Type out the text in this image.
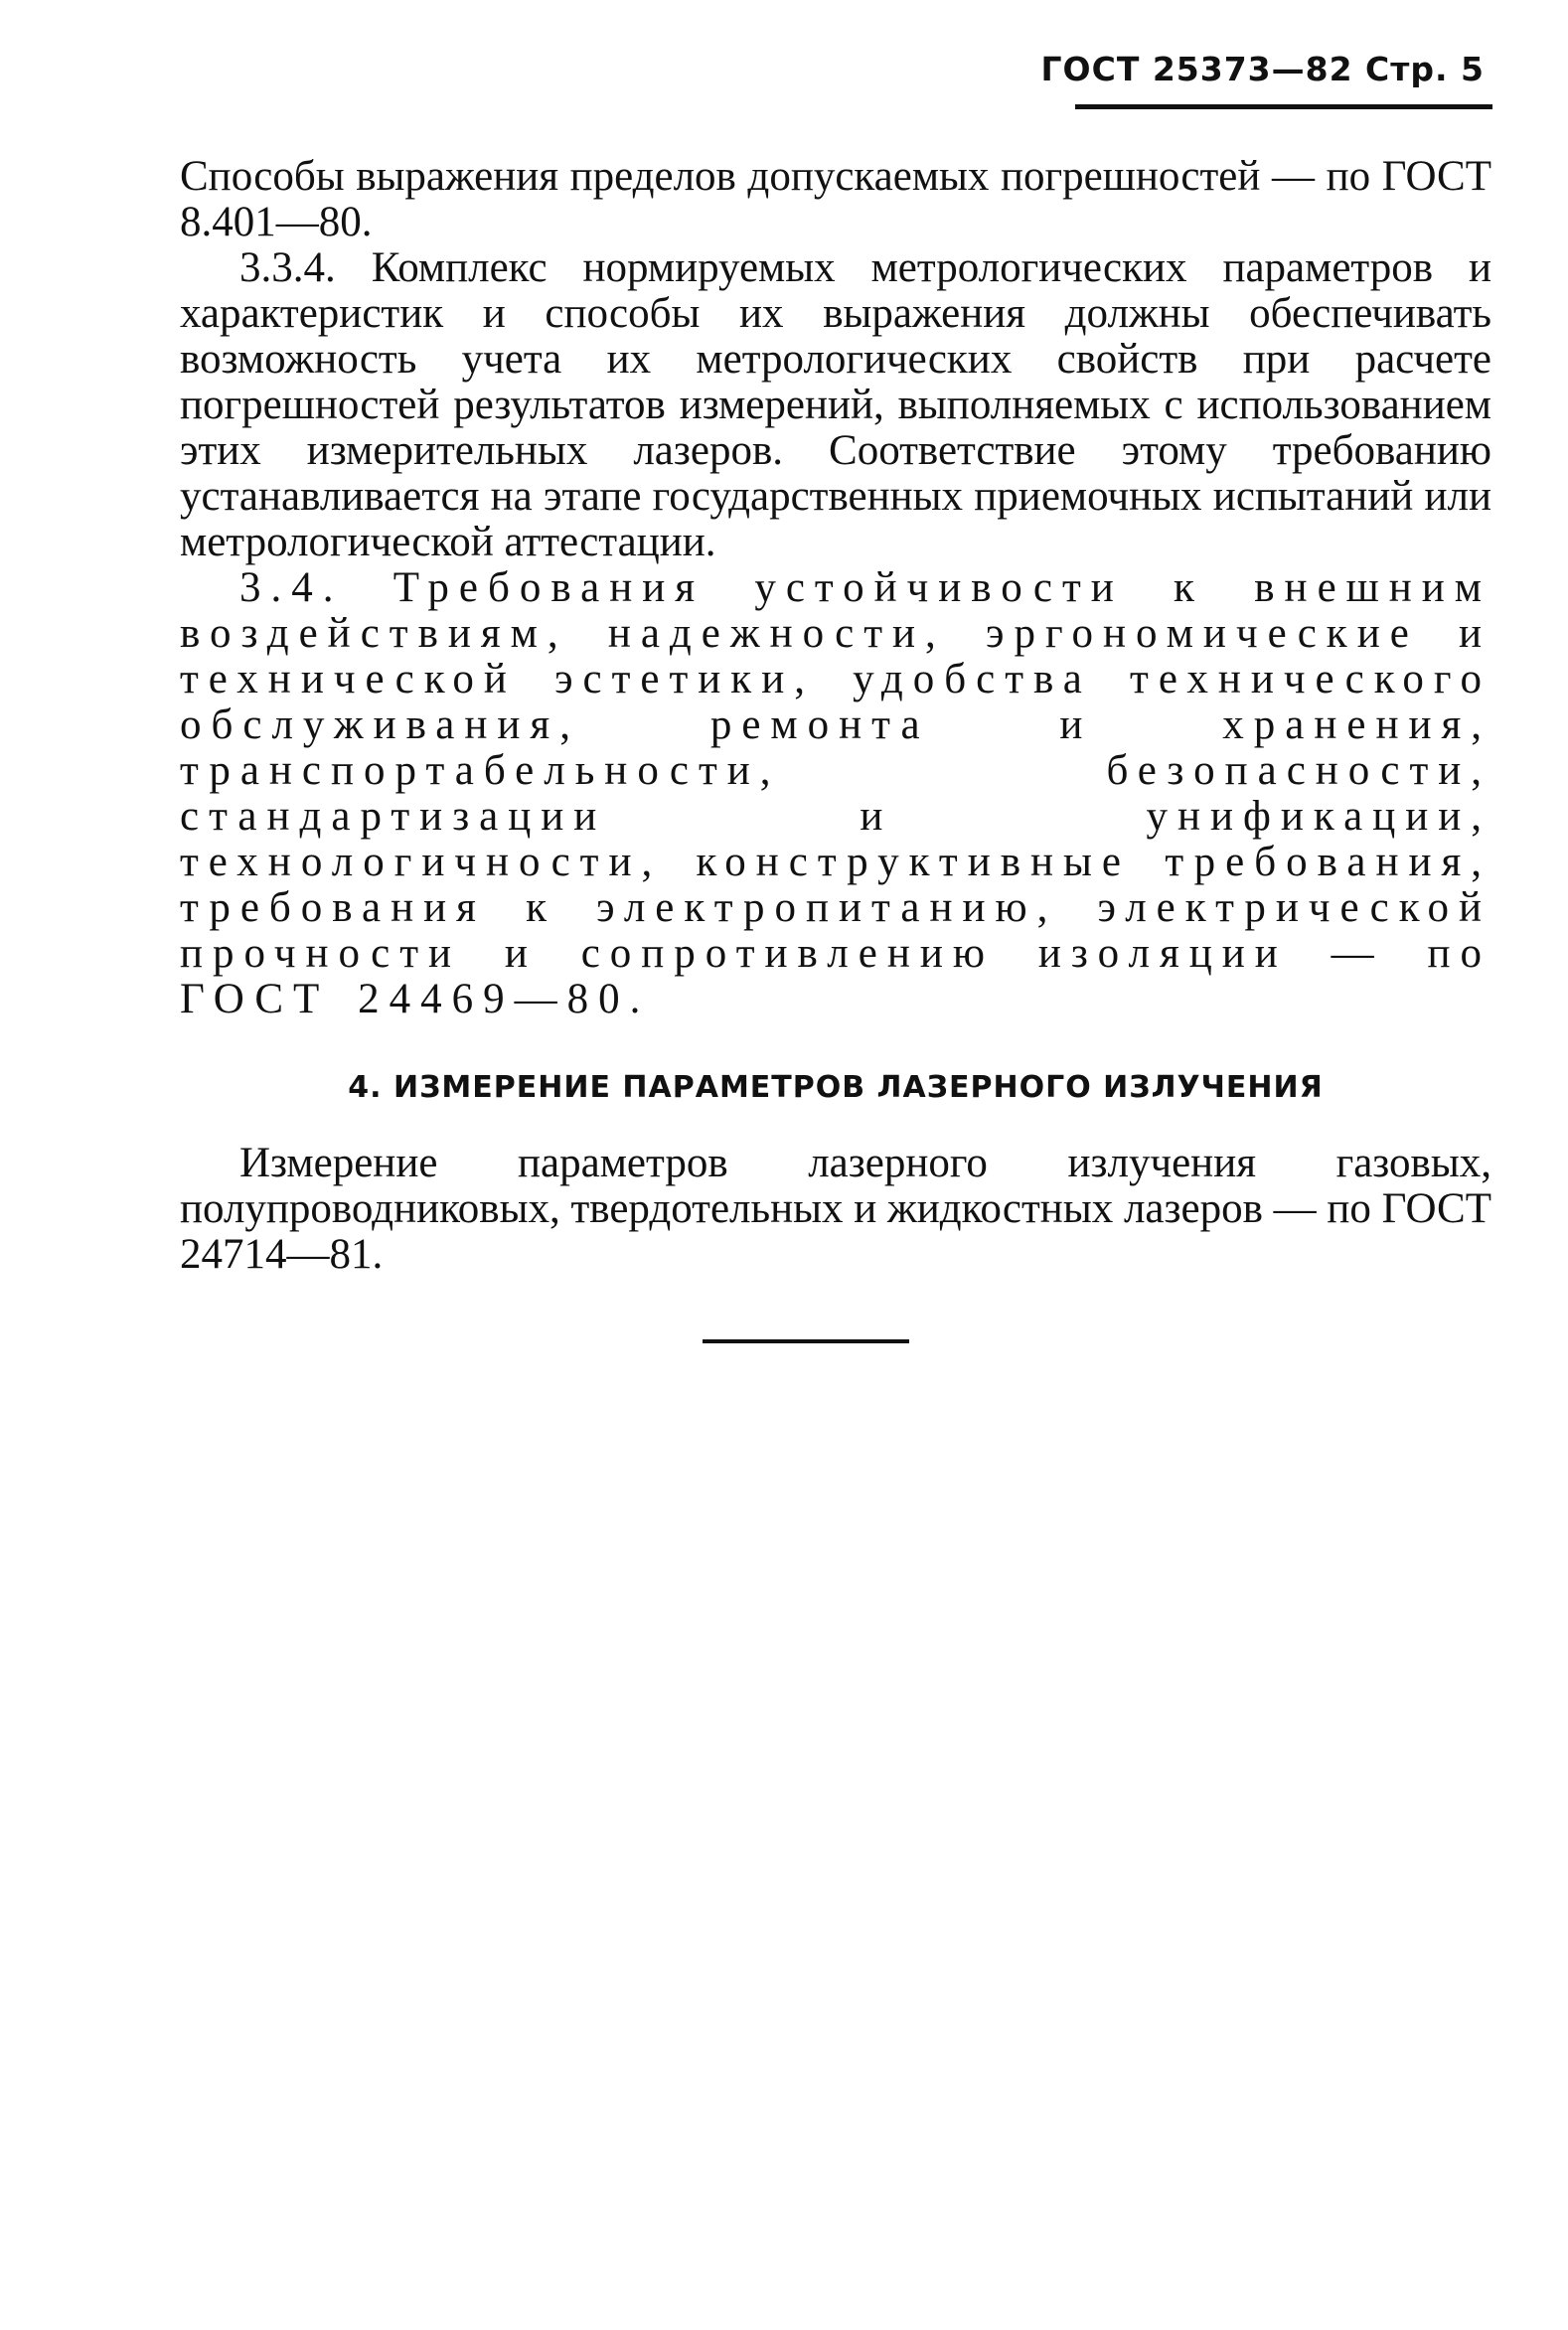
ГОСТ 25373—82 Стр. 5

Способы выражения пределов допускаемых погрешностей — по ГОСТ 8.401—80.

3.3.4. Комплекс нормируемых метрологических параметров и характеристик и способы их выражения должны обеспечивать возможность учета их метрологических свойств при расчете погрешностей результатов измерений, выполняемых с использованием этих измерительных лазеров. Соответствие этому требованию устанавливается на этапе государственных приемочных испытаний или метрологической аттестации.

3.4. Требования устойчивости к внешним воздействиям, надежности, эргономические и технической эстетики, удобства технического обслуживания, ремонта и хранения, транспортабельности, безопасности, стандартизации и унификации, технологичности, конструктивные требования, требования к электропитанию, электрической прочности и сопротивлению изоляции — по ГОСТ 24469—80.

4. ИЗМЕРЕНИЕ ПАРАМЕТРОВ ЛАЗЕРНОГО ИЗЛУЧЕНИЯ

Измерение параметров лазерного излучения газовых, полупроводниковых, твердотельных и жидкостных лазеров — по ГОСТ 24714—81.
